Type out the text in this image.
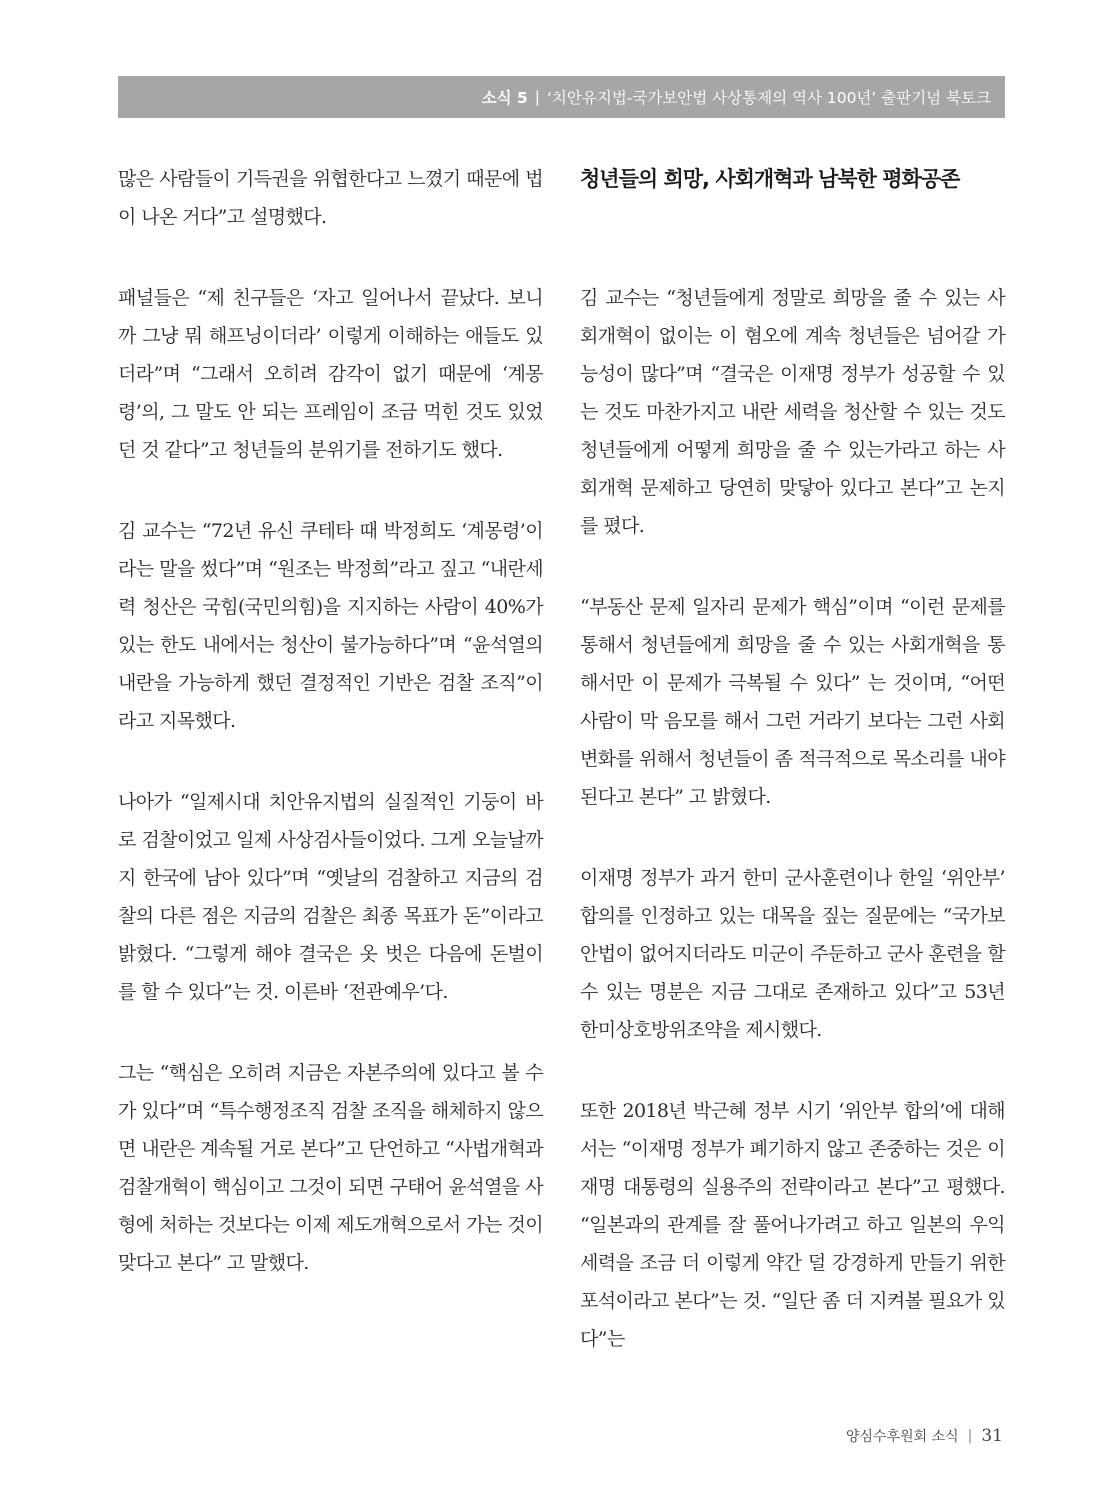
소식 5 | ‘치안유지법-국가보안법 사상통제의 역사 100년’ 출판기념 북토크

많은 사람들이 기득권을 위협한다고 느꼈기 때문에 법이 나온 거다”고 설명했다.

패널들은 “제 친구들은 ‘자고 일어나서 끝났다. 보니까 그냥 뭐 해프닝이더라’ 이렇게 이해하는 애들도 있더라”며 “그래서 오히려 감각이 없기 때문에 ‘계몽령’의, 그 말도 안 되는 프레임이 조금 먹힌 것도 있었던 것 같다”고 청년들의 분위기를 전하기도 했다.

김 교수는 “72년 유신 쿠테타 때 박정희도 ‘계몽령’이라는 말을 썼다”며 “원조는 박정희”라고 짚고 “내란세력 청산은 국힘(국민의힘)을 지지하는 사람이 40%가 있는 한도 내에서는 청산이 불가능하다”며 “윤석열의 내란을 가능하게 했던 결정적인 기반은 검찰 조직”이라고 지목했다.

나아가 “일제시대 치안유지법의 실질적인 기둥이 바로 검찰이었고 일제 사상검사들이었다. 그게 오늘날까지 한국에 남아 있다”며 “옛날의 검찰하고 지금의 검찰의 다른 점은 지금의 검찰은 최종 목표가 돈”이라고 밝혔다. “그렇게 해야 결국은 옷 벗은 다음에 돈벌이를 할 수 있다”는 것. 이른바 ‘전관예우’다.

그는 “핵심은 오히려 지금은 자본주의에 있다고 볼 수가 있다”며 “특수행정조직 검찰 조직을 해체하지 않으면 내란은 계속될 거로 본다”고 단언하고 “사법개혁과 검찰개혁이 핵심이고 그것이 되면 구태어 윤석열을 사형에 처하는 것보다는 이제 제도개혁으로서 가는 것이 맞다고 본다” 고 말했다.

청년들의 희망, 사회개혁과 남북한 평화공존

김 교수는 “청년들에게 정말로 희망을 줄 수 있는 사회개혁이 없이는 이 혐오에 계속 청년들은 넘어갈 가능성이 많다”며 “결국은 이재명 정부가 성공할 수 있는 것도 마찬가지고 내란 세력을 청산할 수 있는 것도 청년들에게 어떻게 희망을 줄 수 있는가라고 하는 사회개혁 문제하고 당연히 맞닿아 있다고 본다”고 논지를 폈다.

“부동산 문제 일자리 문제가 핵심”이며 “이런 문제를 통해서 청년들에게 희망을 줄 수 있는 사회개혁을 통해서만 이 문제가 극복될 수 있다” 는 것이며, “어떤 사람이 막 음모를 해서 그런 거라기 보다는 그런 사회 변화를 위해서 청년들이 좀 적극적으로 목소리를 내야 된다고 본다” 고 밝혔다.

이재명 정부가 과거 한미 군사훈련이나 한일 ‘위안부’ 합의를 인정하고 있는 대목을 짚는 질문에는 “국가보안법이 없어지더라도 미군이 주둔하고 군사 훈련을 할 수 있는 명분은 지금 그대로 존재하고 있다”고 53년 한미상호방위조약을 제시했다.

또한 2018년 박근혜 정부 시기 ‘위안부 합의’에 대해서는 “이재명 정부가 폐기하지 않고 존중하는 것은 이재명 대통령의 실용주의 전략이라고 본다”고 평했다. “일본과의 관계를 잘 풀어나가려고 하고 일본의 우익 세력을 조금 더 이렇게 약간 덜 강경하게 만들기 위한 포석이라고 본다”는 것. “일단 좀 더 지켜볼 필요가 있다”는

양심수후원회 소식 | 31
